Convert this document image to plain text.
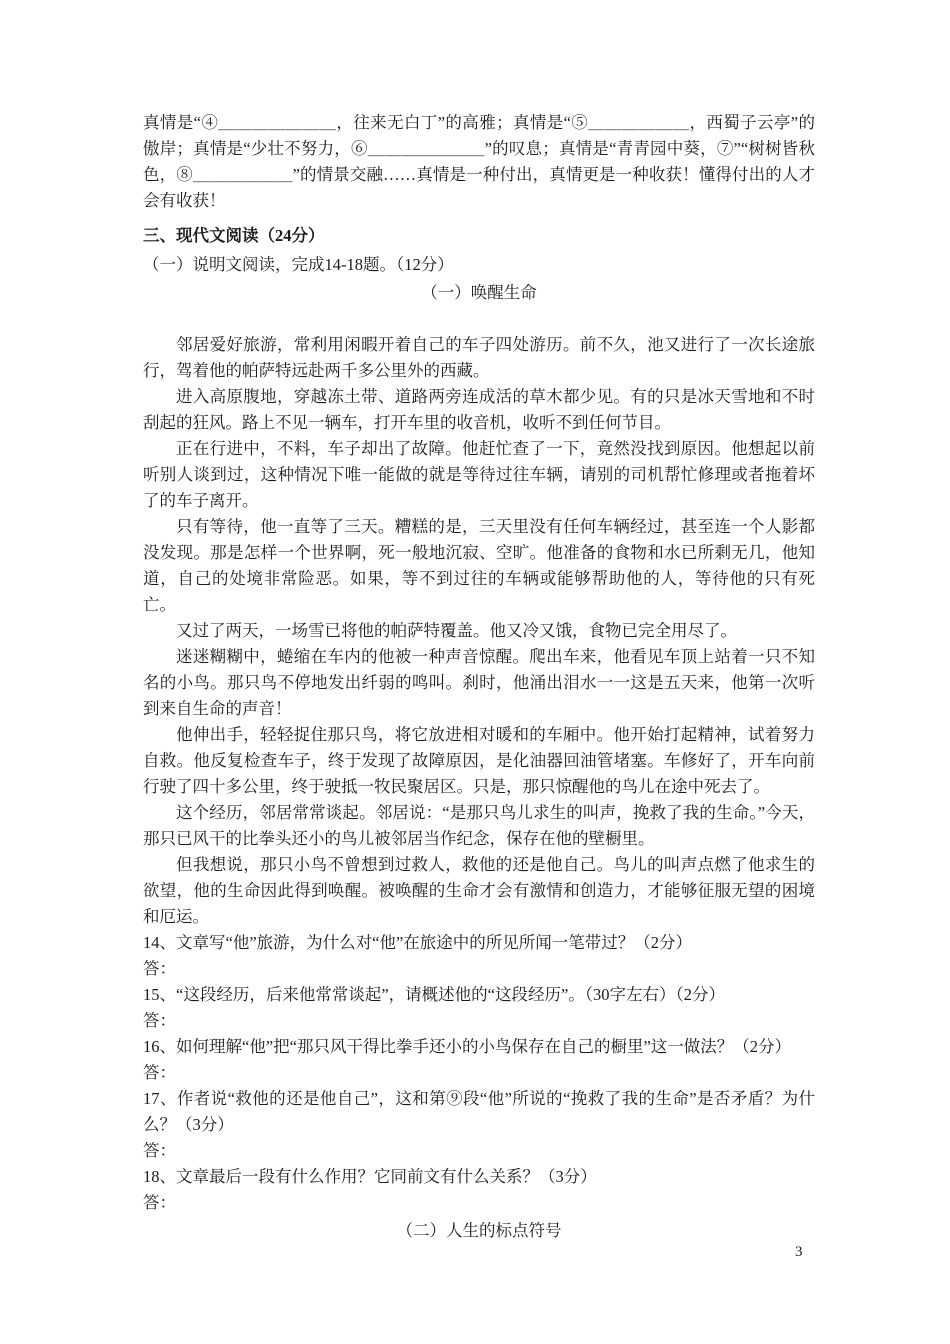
真情是“④＿＿＿＿＿＿＿，往来无白丁”的高雅；真情是“⑤＿＿＿＿＿＿，西蜀子云亭”的傲岸；真情是“少壮不努力，⑥＿＿＿＿＿＿＿”的叹息；真情是“青青园中葵，⑦”“树树皆秋色，⑧＿＿＿＿＿＿”的情景交融……真情是一种付出，真情更是一种收获！懂得付出的人才会有收获！

三、现代文阅读（24分）

（一）说明文阅读，完成14-18题。（12分）

（一）唤醒生命

邻居爱好旅游，常利用闲暇开着自己的车子四处游历。前不久，池又进行了一次长途旅行，驾着他的帕萨特远赴两千多公里外的西藏。

进入高原腹地，穿越冻土带、道路两旁连成活的草木都少见。有的只是冰天雪地和不时刮起的狂风。路上不见一辆车，打开车里的收音机，收听不到任何节目。

正在行进中，不料，车子却出了故障。他赶忙查了一下，竟然没找到原因。他想起以前听别人谈到过，这种情况下唯一能做的就是等待过往车辆，请别的司机帮忙修理或者拖着坏了的车子离开。

只有等待，他一直等了三天。糟糕的是，三天里没有任何车辆经过，甚至连一个人影都没发现。那是怎样一个世界啊，死一般地沉寂、空旷。他准备的食物和水已所剩无几，他知道，自己的处境非常险恶。如果，等不到过往的车辆或能够帮助他的人，等待他的只有死亡。

又过了两天，一场雪已将他的帕萨特覆盖。他又冷又饿，食物已完全用尽了。

迷迷糊糊中，蜷缩在车内的他被一种声音惊醒。爬出车来，他看见车顶上站着一只不知名的小鸟。那只鸟不停地发出纤弱的鸣叫。刹时，他涌出泪水一一这是五天来，他第一次听到来自生命的声音！

他伸出手，轻轻捉住那只鸟，将它放进相对暖和的车厢中。他开始打起精神，试着努力自救。他反复检查车子，终于发现了故障原因，是化油器回油管堵塞。车修好了，开车向前行驶了四十多公里，终于驶抵一牧民聚居区。只是，那只惊醒他的鸟儿在途中死去了。

这个经历，邻居常常谈起。邻居说：“是那只鸟儿求生的叫声，挽救了我的生命。”今天，那只已风干的比拳头还小的鸟儿被邻居当作纪念，保存在他的壁橱里。

但我想说，那只小鸟不曾想到过救人，救他的还是他自己。鸟儿的叫声点燃了他求生的欲望，他的生命因此得到唤醒。被唤醒的生命才会有激情和创造力，才能够征服无望的困境和厄运。

14、文章写“他”旅游，为什么对“他”在旅途中的所见所闻一笔带过？（2分）

答：

15、“这段经历，后来他常常谈起”，请概述他的“这段经历”。（30字左右）（2分）

答：

16、如何理解“他”把“那只风干得比拳手还小的小鸟保存在自己的橱里”这一做法？（2分）

答：

17、作者说“救他的还是他自己”，这和第⑨段“他”所说的“挽救了我的生命”是否矛盾？为什么？（3分）

答：

18、文章最后一段有什么作用？它同前文有什么关系？（3分）

答：

（二）人生的标点符号

3
